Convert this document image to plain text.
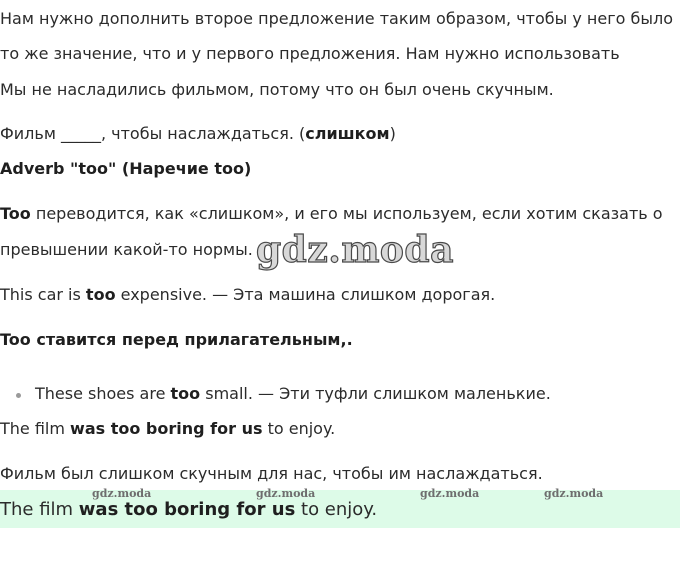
Нам нужно дополнить второе предложение таким образом, чтобы у него было

то же значение, что и у первого предложения. Нам нужно использовать

Мы не насладились фильмом, потому что он был очень скучным.

Фильм _____, чтобы наслаждаться. (слишком)

Adverb "too" (Наречие too)

Too переводится, как «слишком», и его мы используем, если хотим сказать о

превышении какой-то нормы. gdz.moda

This car is too expensive. — Эта машина слишком дорогая.

Too ставится перед прилагательным,.

These shoes are too small. — Эти туфли слишком маленькие.

The film was too boring for us to enjoy.

Фильм был слишком скучным для нас, чтобы им наслаждаться.

The film was too boring for us to enjoy.
gdz.moda	gdz.moda	gdz.moda	gdz.moda
